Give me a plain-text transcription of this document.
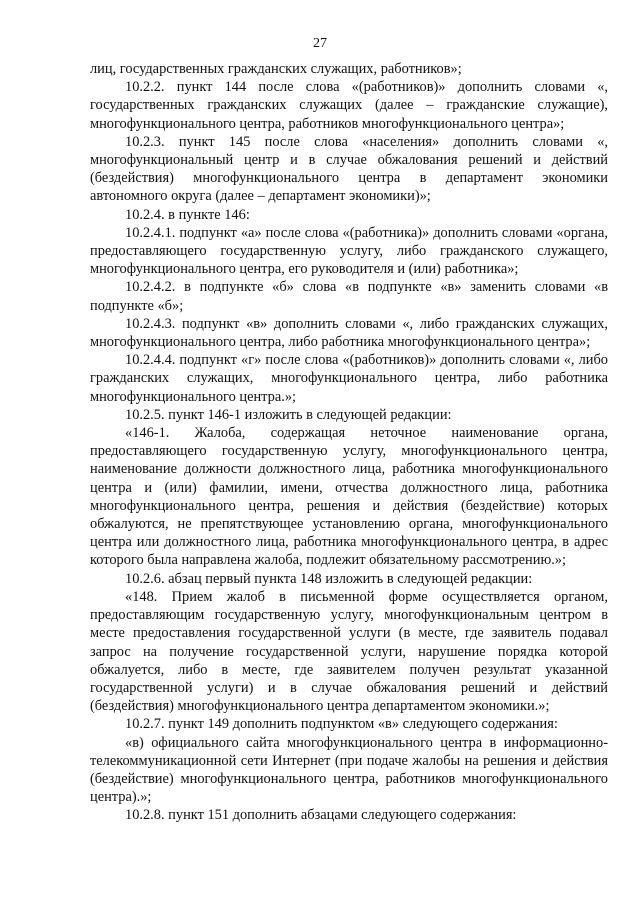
27

лиц, государственных гражданских служащих, работников»;

10.2.2. пункт 144 после слова «(работников)» дополнить словами «, государственных гражданских служащих (далее – гражданские служащие), многофункционального центра, работников многофункционального центра»;

10.2.3. пункт 145 после слова «населения» дополнить словами «, многофункциональный центр и в случае обжалования решений и действий (бездействия) многофункционального центра в департамент экономики автономного округа (далее – департамент экономики)»;

10.2.4. в пункте 146:

10.2.4.1. подпункт «а» после слова «(работника)» дополнить словами «органа, предоставляющего государственную услугу, либо гражданского служащего, многофункционального центра, его руководителя и (или) работника»;

10.2.4.2. в подпункте «б» слова «в подпункте «в» заменить словами «в подпункте «б»;

10.2.4.3. подпункт «в» дополнить словами «, либо гражданских служащих, многофункционального центра, либо работника многофункционального центра»;

10.2.4.4. подпункт «г» после слова «(работников)» дополнить словами «, либо гражданских служащих, многофункционального центра, либо работника многофункционального центра.»;

10.2.5. пункт 146-1 изложить в следующей редакции:

«146-1. Жалоба, содержащая неточное наименование органа, предоставляющего государственную услугу, многофункционального центра, наименование должности должностного лица, работника многофункционального центра и (или) фамилии, имени, отчества должностного лица, работника многофункционального центра, решения и действия (бездействие) которых обжалуются, не препятствующее установлению органа, многофункционального центра или должностного лица, работника многофункционального центра, в адрес которого была направлена жалоба, подлежит обязательному рассмотрению.»;

10.2.6. абзац первый пункта 148 изложить в следующей редакции:

«148. Прием жалоб в письменной форме осуществляется органом, предоставляющим государственную услугу, многофункциональным центром в месте предоставления государственной услуги (в месте, где заявитель подавал запрос на получение государственной услуги, нарушение порядка которой обжалуется, либо в месте, где заявителем получен результат указанной государственной услуги) и в случае обжалования решений и действий (бездействия) многофункционального центра департаментом экономики.»;

10.2.7. пункт 149 дополнить подпунктом «в» следующего содержания:

«в) официального сайта многофункционального центра в информационно-телекоммуникационной сети Интернет (при подаче жалобы на решения и действия (бездействие) многофункционального центра, работников многофункционального центра).»;

10.2.8. пункт 151 дополнить абзацами следующего содержания:
